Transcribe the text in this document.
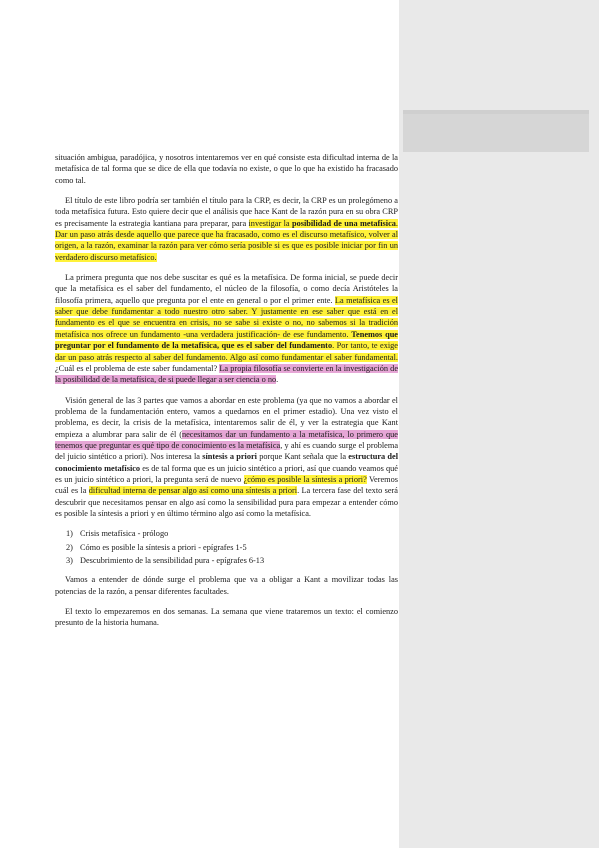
situación ambigua, paradójica, y nosotros intentaremos ver en qué consiste esta dificultad interna de la metafísica de tal forma que se dice de ella que todavía no existe, o que lo que ha existido ha fracasado como tal.

El título de este libro podría ser también el título para la CRP, es decir, la CRP es un prolegómeno a toda metafísica futura. Esto quiere decir que el análisis que hace Kant de la razón pura en su obra CRP es precisamente la estrategia kantiana para preparar, para investigar la posibilidad de una metafísica. Dar un paso atrás desde aquello que parece que ha fracasado, como es el discurso metafísico, volver al origen, a la razón, examinar la razón para ver cómo sería posible si es que es posible iniciar por fin un verdadero discurso metafísico.

La primera pregunta que nos debe suscitar es qué es la metafísica. De forma inicial, se puede decir que la metafísica es el saber del fundamento, el núcleo de la filosofía, o como decía Aristóteles la filosofía primera, aquello que pregunta por el ente en general o por el primer ente. La metafísica es el saber que debe fundamentar a todo nuestro otro saber. Y justamente en ese saber que está en el fundamento es el que se encuentra en crisis, no se sabe si existe o no, no sabemos si la tradición metafísica nos ofrece un fundamento -una verdadera justificación- de ese fundamento. Tenemos que preguntar por el fundamento de la metafísica, que es el saber del fundamento. Por tanto, te exige dar un paso atrás respecto al saber del fundamento. Algo así como fundamentar el saber fundamental. ¿Cuál es el problema de este saber fundamental? La propia filosofía se convierte en la investigación de la posibilidad de la metafísica, de si puede llegar a ser ciencia o no.

Visión general de las 3 partes que vamos a abordar en este problema (ya que no vamos a abordar el problema de la fundamentación entero, vamos a quedarnos en el primer estadio). Una vez visto el problema, es decir, la crisis de la metafísica, intentaremos salir de él, y ver la estrategia que Kant empieza a alumbrar para salir de él (necesitamos dar un fundamento a la metafísica, lo primero que tenemos que preguntar es qué tipo de conocimiento es la metafísica, y ahí es cuando surge el problema del juicio sintético a priori). Nos interesa la síntesis a priori porque Kant señala que la estructura del conocimiento metafísico es de tal forma que es un juicio sintético a priori, así que cuando veamos qué es un juicio sintético a priori, la pregunta será de nuevo ¿cómo es posible la síntesis a priori? Veremos cuál es la dificultad interna de pensar algo así como una síntesis a priori. La tercera fase del texto será descubrir que necesitamos pensar en algo así como la sensibilidad pura para empezar a entender cómo es posible la síntesis a priori y en último término algo así como la metafísica.

1) Crisis metafísica - prólogo
2) Cómo es posible la síntesis a priori - epígrafes 1-5
3) Descubrimiento de la sensibilidad pura - epígrafes 6-13

Vamos a entender de dónde surge el problema que va a obligar a Kant a movilizar todas las potencias de la razón, a pensar diferentes facultades.

El texto lo empezaremos en dos semanas. La semana que viene trataremos un texto: el comienzo presunto de la historia humana.
